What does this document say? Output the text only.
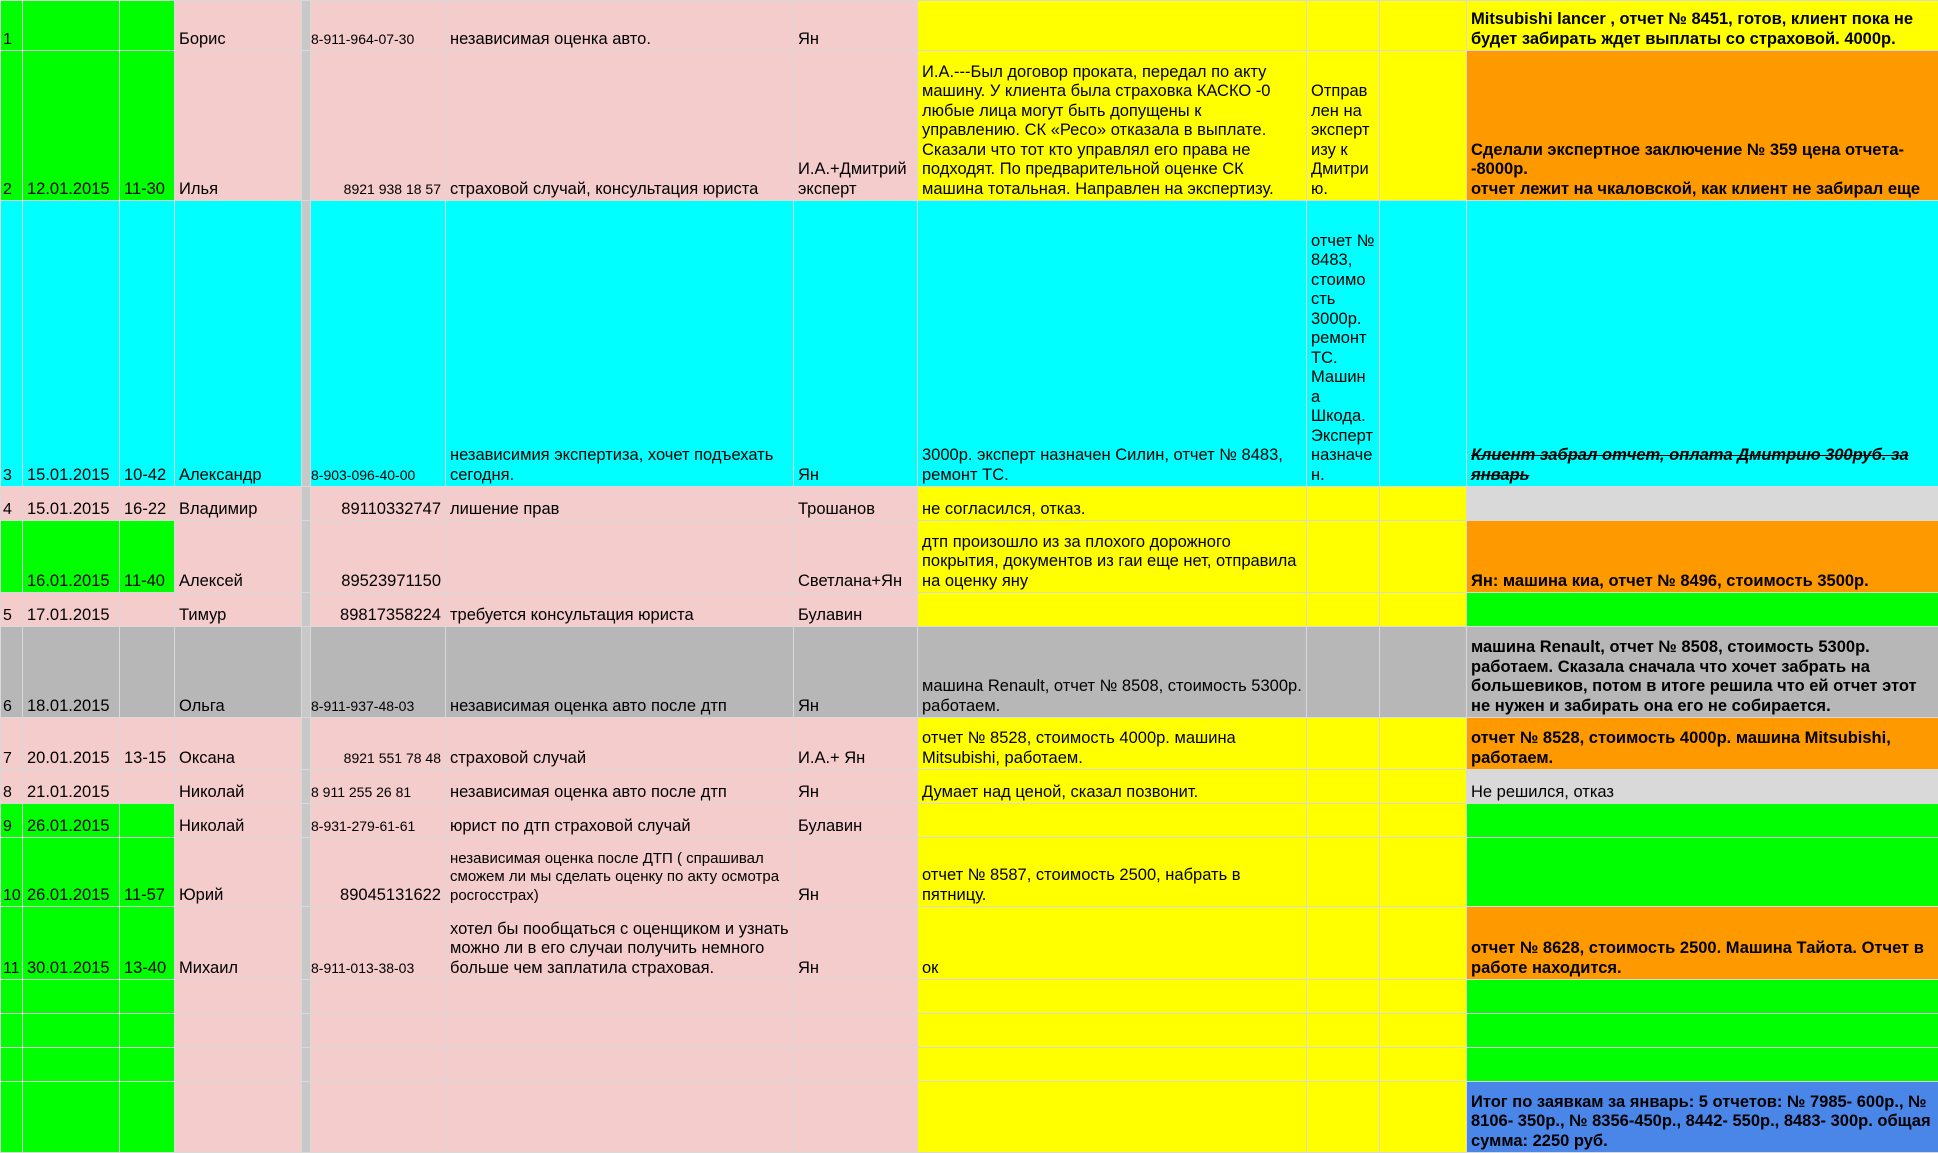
1			Борис		8-911-964-07-30	независимая оценка авто.	Ян				Mitsubishi lancer , отчет № 8451, готов, клиент пока не будет забирать ждет выплаты со страховой. 4000р.
2	12.01.2015	11-30	Илья		8921 938 18 57	страховой случай, консультация юриста	И.А.+Дмитрий эксперт	И.А.---Был договор проката, передал по акту машину. У клиента была страховка КАСКО -0 любые лица могут быть допущены к управлению. СК «Ресо» отказала в выплате. Сказали что тот кто управлял его права не подходят. По предварительной оценке СК машина тотальная. Направлен на экспертизу.	Отправ лен на эксперт изу к Дмитри ю.		Сделали экспертное заключение № 359 цена отчета--8000р.
отчет лежит на чкаловской, как клиент не забирал еще
3	15.01.2015	10-42	Александр		8-903-096-40-00	независимия экспертиза, хочет подъехать сегодня.	Ян	3000р. эксперт назначен Силин, отчет № 8483, ремонт ТС.	отчет № 8483, стоимо сть 3000р. ремонт ТС. Машин а Шкода. Эксперт назначе н.		Клиент забрал отчет, оплата Дмитрию 300руб. за январь
4	15.01.2015	16-22	Владимир		89110332747	лишение прав	Трошанов	не согласился, отказ.			
	16.01.2015	11-40	Алексей		89523971150		Светлана+Ян	дтп произошло из за плохого дорожного покрытия, документов из гаи еще нет, отправила на оценку яну			Ян: машина киа, отчет № 8496, стоимость 3500р.
5	17.01.2015		Тимур		89817358224	требуется консультация юриста	Булавин				
6	18.01.2015		Ольга		8-911-937-48-03	независимая оценка авто после дтп	Ян	машина Renault, отчет № 8508, стоимость 5300р. работаем.			машина Renault, отчет № 8508, стоимость 5300р. работаем. Сказала сначала что хочет забрать на большевиков, потом в итоге решила что ей отчет этот не нужен и забирать она его не собирается.
7	20.01.2015	13-15	Оксана		8921 551 78 48	страховой случай	И.А.+ Ян	отчет № 8528, стоимость 4000р. машина Mitsubishi, работаем.			отчет № 8528, стоимость 4000р. машина Mitsubishi, работаем.
8	21.01.2015		Николай		8 911 255 26 81	независимая оценка авто после дтп	Ян	Думает над ценой, сказал позвонит.			Не решился, отказ
9	26.01.2015		Николай		8-931-279-61-61	юрист по дтп страховой случай	Булавин				
10	26.01.2015	11-57	Юрий		89045131622	независимая оценка после ДТП ( спрашивал сможем ли мы сделать оценку по акту осмотра росгосстрах)	Ян	отчет № 8587, стоимость 2500, набрать в пятницу.			
11	30.01.2015	13-40	Михаил		8-911-013-38-03	хотел бы пообщаться с оценщиком и узнать можно ли в его случаи получить немного больше чем заплатила страховая.	Ян	ок			отчет № 8628, стоимость 2500. Машина Тайота. Отчет в работе находится.

											Итог по заявкам за январь: 5 отчетов: № 7985- 600р., № 8106- 350р., № 8356-450р., 8442- 550р., 8483- 300р. общая сумма: 2250 руб.
